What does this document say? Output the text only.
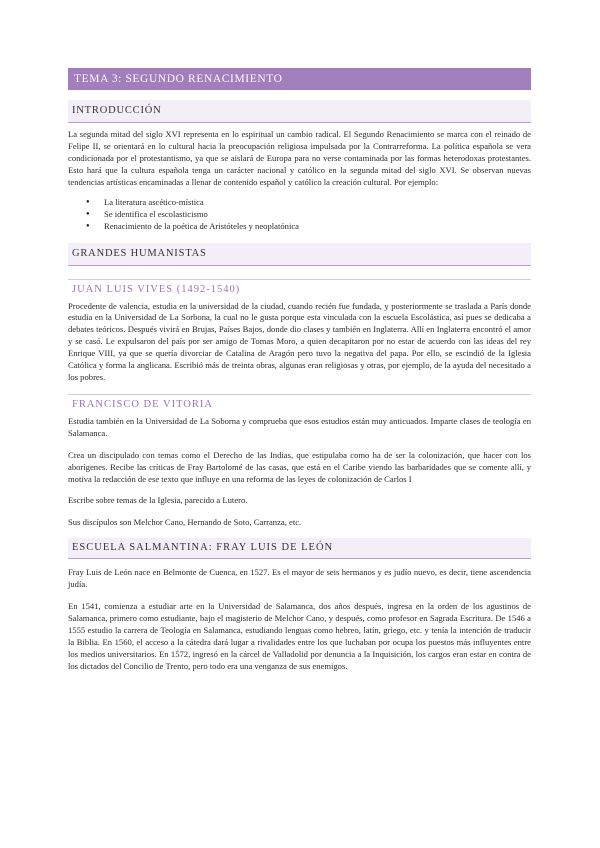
TEMA 3: SEGUNDO RENACIMIENTO
INTRODUCCIÓN

La segunda mitad del siglo XVI representa en lo espiritual un cambio radical. El Segundo Renacimiento se marca con el reinado de Felipe II, se orientará en lo cultural hacia la preocupación religiosa impulsada por la Contrarreforma. La política española se vera condicionada por el protestantismo, ya que se aislará de Europa para no verse contaminada por las formas heterodoxas protestantes. Esto hará que la cultura española tenga un carácter nacional y católico en la segunda mitad del siglo XVI. Se observan nuevas tendencias artísticas encaminadas a llenar de contenido español y católico la creación cultural. Por ejemplo:

● La literatura ascético-mística
● Se identifica el escolasticismo
● Renacimiento de la poética de Aristóteles y neoplatónica
GRANDES HUMANISTAS
JUAN LUIS VIVES (1492-1540)

Procedente de valencia, estudia en la universidad de la ciudad, cuando recién fue fundada, y posteriormente se traslada a París donde estudia en la Universidad de La Sorbona, la cual no le gusta porque esta vinculada con la escuela Escolástica, así pues se dedicaba a debates teóricos. Después vivirá en Brujas, Países Bajos, donde dio clases y también en Inglaterra. Allí en Inglaterra encontró el amor y se casó. Le expulsaron del país por ser amigo de Tomas Moro, a quien decapitaron por no estar de acuerdo con las ideas del rey Enrique VIII, ya que se quería divorciar de Catalina de Aragón pero tuvo la negativa del papa. Por ello, se escindió de la Iglesia Católica y forma la anglicana. Escribió más de treinta obras, algunas eran religiosas y otras, por ejemplo, de la ayuda del necesitado a los pobres.

FRANCISCO DE VITORIA

Estudia también en la Universidad de La Soborna y comprueba que esos estudios están muy anticuados. Imparte clases de teología en Salamanca.

Crea un discipulado con temas como el Derecho de las Indias, que estipulaba como ha de ser la colonización, que hacer con los aborígenes. Recibe las críticas de Fray Bartolomé de las casas, que está en el Caribe viendo las barbaridades que se comente allí, y motiva la redacción de ese texto que influye en una reforma de las leyes de colonización de Carlos I

Escribe sobre temas de la Iglesia, parecido a Lutero.

Sus discípulos son Melchor Cano, Hernando de Soto, Carranza, etc.

ESCUELA SALMANTINA: FRAY LUIS DE LEÓN

Fray Luis de León nace en Belmonte de Cuenca, en 1527. Es el mayor de seis hermanos y es judío nuevo, es decir, tiene ascendencia judía.

En 1541, comienza a estudiar arte en la Universidad de Salamanca, dos años después, ingresa en la orden de los agustinos de Salamanca, primero como estudiante, bajo el magisterio de Melchor Cano, y después, como profesor en Sagrada Escritura. De 1546 a 1555 estudio la carrera de Teología en Salamanca, estudiando lenguas como hebreo, latín, griego, etc. y tenía la intención de traducir la Biblia. En 1560, el acceso a la cátedra dará lugar a rivalidades entre los que luchaban por ocupa los puestos más influyentes entre los medios universitarios. En 1572, ingresó en la cárcel de Valladolid por denuncia a la Inquisición, los cargos eran estar en contra de los dictados del Concilio de Trento, pero todo era una venganza de sus enemigos.
